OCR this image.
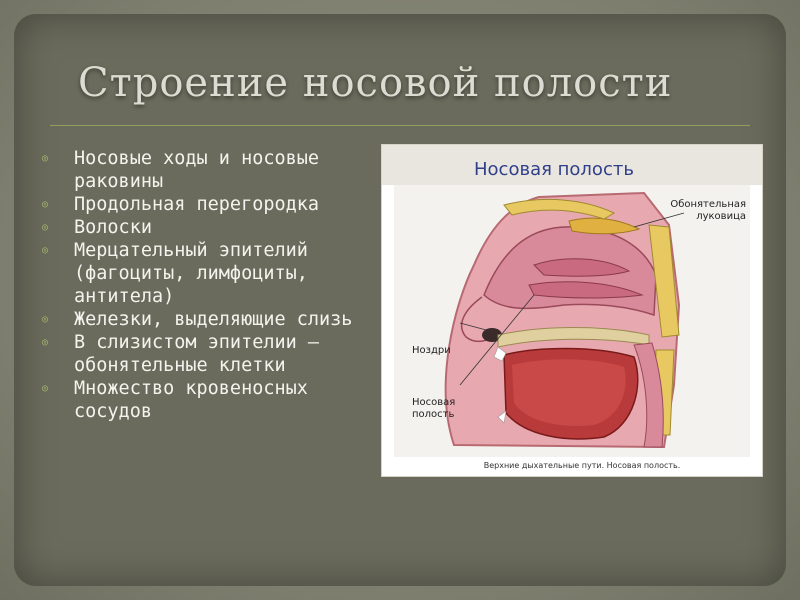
Строение носовой полости
◎ Носовые ходы и носовые раковины
◎ Продольная перегородка
◎ Волоски
◎ Мерцательный эпителий (фагоциты, лимфоциты, антитела)
◎ Железки, выделяющие слизь
◎ В слизистом эпителии – обонятельные клетки
◎ Множество кровеносных сосудов
Носовая полость
Обонятельная луковица
Ноздри
Носовая полость
Верхние дыхательные пути. Носовая полость.
